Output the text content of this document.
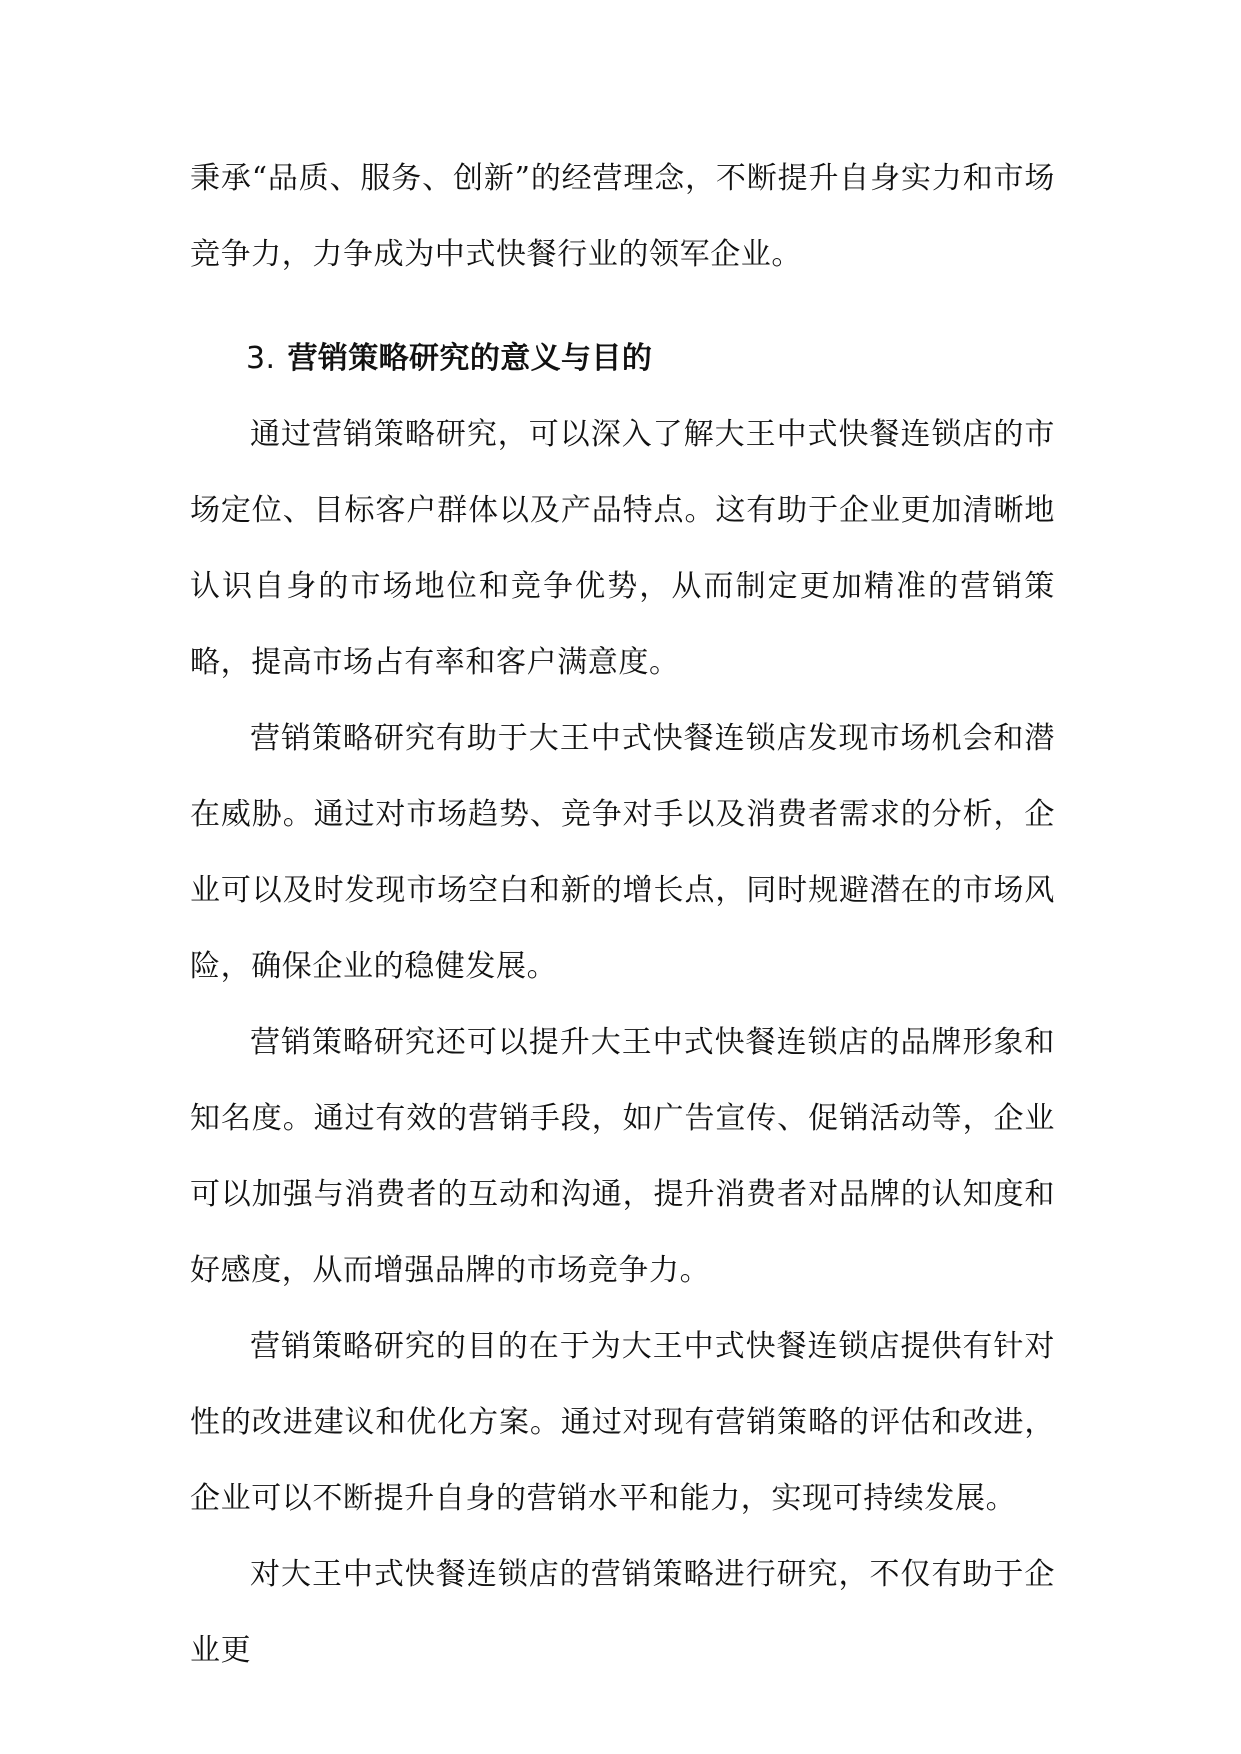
秉承“品质、服务、创新”的经营理念，不断提升自身实力和市场竞争力，力争成为中式快餐行业的领军企业。

3. 营销策略研究的意义与目的

通过营销策略研究，可以深入了解大王中式快餐连锁店的市场定位、目标客户群体以及产品特点。这有助于企业更加清晰地认识自身的市场地位和竞争优势，从而制定更加精准的营销策略，提高市场占有率和客户满意度。

营销策略研究有助于大王中式快餐连锁店发现市场机会和潜在威胁。通过对市场趋势、竞争对手以及消费者需求的分析，企业可以及时发现市场空白和新的增长点，同时规避潜在的市场风险，确保企业的稳健发展。

营销策略研究还可以提升大王中式快餐连锁店的品牌形象和知名度。通过有效的营销手段，如广告宣传、促销活动等，企业可以加强与消费者的互动和沟通，提升消费者对品牌的认知度和好感度，从而增强品牌的市场竞争力。

营销策略研究的目的在于为大王中式快餐连锁店提供有针对性的改进建议和优化方案。通过对现有营销策略的评估和改进，企业可以不断提升自身的营销水平和能力，实现可持续发展。

对大王中式快餐连锁店的营销策略进行研究，不仅有助于企业更
